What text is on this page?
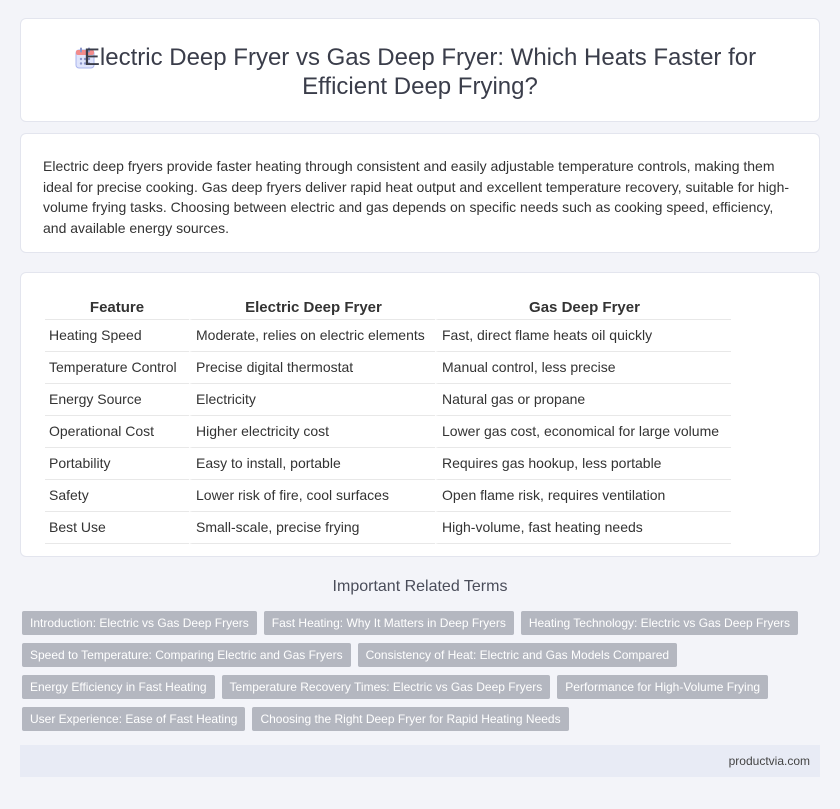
Electric Deep Fryer vs Gas Deep Fryer: Which Heats Faster for Efficient Deep Frying?

Electric deep fryers provide faster heating through consistent and easily adjustable temperature controls, making them ideal for precise cooking. Gas deep fryers deliver rapid heat output and excellent temperature recovery, suitable for high-volume frying tasks. Choosing between electric and gas depends on specific needs such as cooking speed, efficiency, and available energy sources.

Feature	Electric Deep Fryer	Gas Deep Fryer
Heating Speed	Moderate, relies on electric elements	Fast, direct flame heats oil quickly
Temperature Control	Precise digital thermostat	Manual control, less precise
Energy Source	Electricity	Natural gas or propane
Operational Cost	Higher electricity cost	Lower gas cost, economical for large volume
Portability	Easy to install, portable	Requires gas hookup, less portable
Safety	Lower risk of fire, cool surfaces	Open flame risk, requires ventilation
Best Use	Small-scale, precise frying	High-volume, fast heating needs
Important Related Terms
Introduction: Electric vs Gas Deep Fryers	Fast Heating: Why It Matters in Deep Fryers	Heating Technology: Electric vs Gas Deep Fryers
Speed to Temperature: Comparing Electric and Gas Fryers	Consistency of Heat: Electric and Gas Models Compared
Energy Efficiency in Fast Heating	Temperature Recovery Times: Electric vs Gas Deep Fryers	Performance for High-Volume Frying
User Experience: Ease of Fast Heating	Choosing the Right Deep Fryer for Rapid Heating Needs
productvia.com
